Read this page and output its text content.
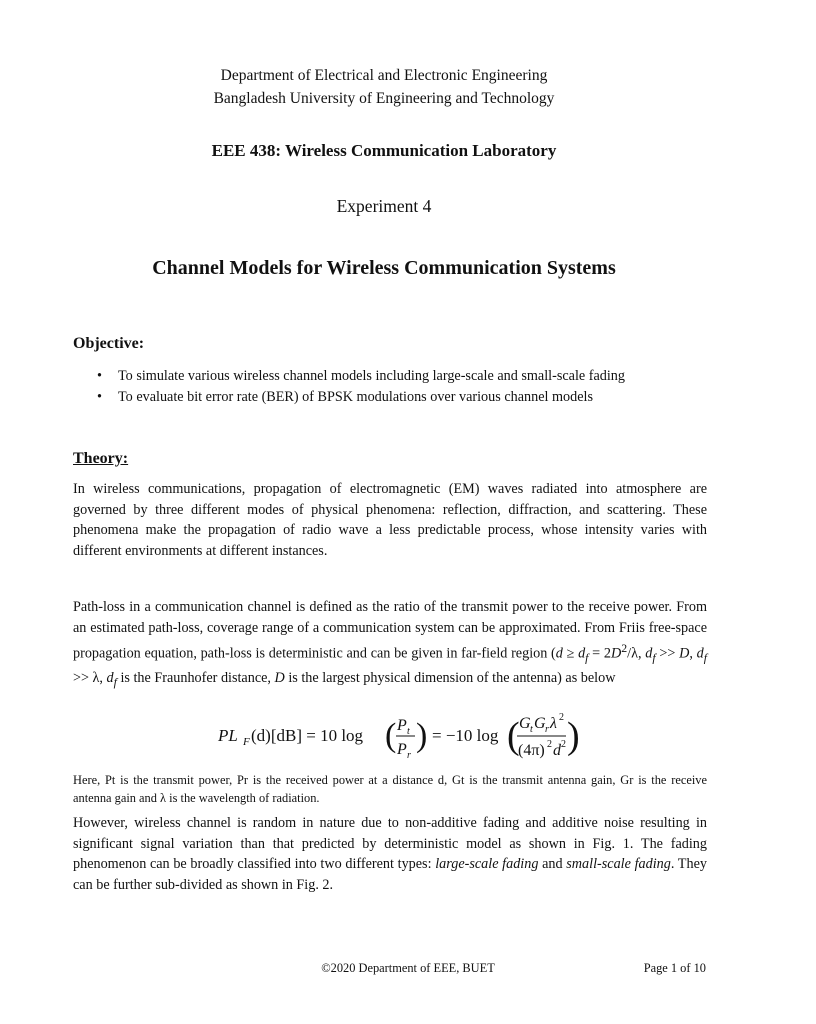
Department of Electrical and Electronic Engineering
Bangladesh University of Engineering and Technology
EEE 438: Wireless Communication Laboratory
Experiment 4
Channel Models for Wireless Communication Systems
Objective:
• To simulate various wireless channel models including large-scale and small-scale fading
• To evaluate bit error rate (BER) of BPSK modulations over various channel models
Theory:
In wireless communications, propagation of electromagnetic (EM) waves radiated into atmosphere are governed by three different modes of physical phenomena: reflection, diffraction, and scattering. These phenomena make the propagation of radio wave a less predictable process, whose intensity varies with different environments at different instances.
Path-loss in a communication channel is defined as the ratio of the transmit power to the receive power. From an estimated path-loss, coverage range of a communication system can be approximated. From Friis free-space propagation equation, path-loss is deterministic and can be given in far-field region ($d \ge d_f = 2D^2/\lambda$, $d_f >> D$, $d_f >> \lambda$, $d_f$ is the Fraunhofer distance, D is the largest physical dimension of the antenna) as below
PL F (d)[dB] = 10 log ( P t
P r
) = −10 log ( G t G r λ 2
(4π) 2 d 2 )
Here, Pt is the transmit power, Pr is the received power at a distance d, Gt is the transmit antenna gain, Gr is the receive antenna gain and λ is the wavelength of radiation.
However, wireless channel is random in nature due to non-additive fading and additive noise resulting in significant signal variation than that predicted by deterministic model as shown in Fig. 1. The fading phenomenon can be broadly classified into two different types: large-scale fading and small-scale fading. They can be further sub-divided as shown in Fig. 2.
©2020 Department of EEE, BUET	Page 1 of 10
